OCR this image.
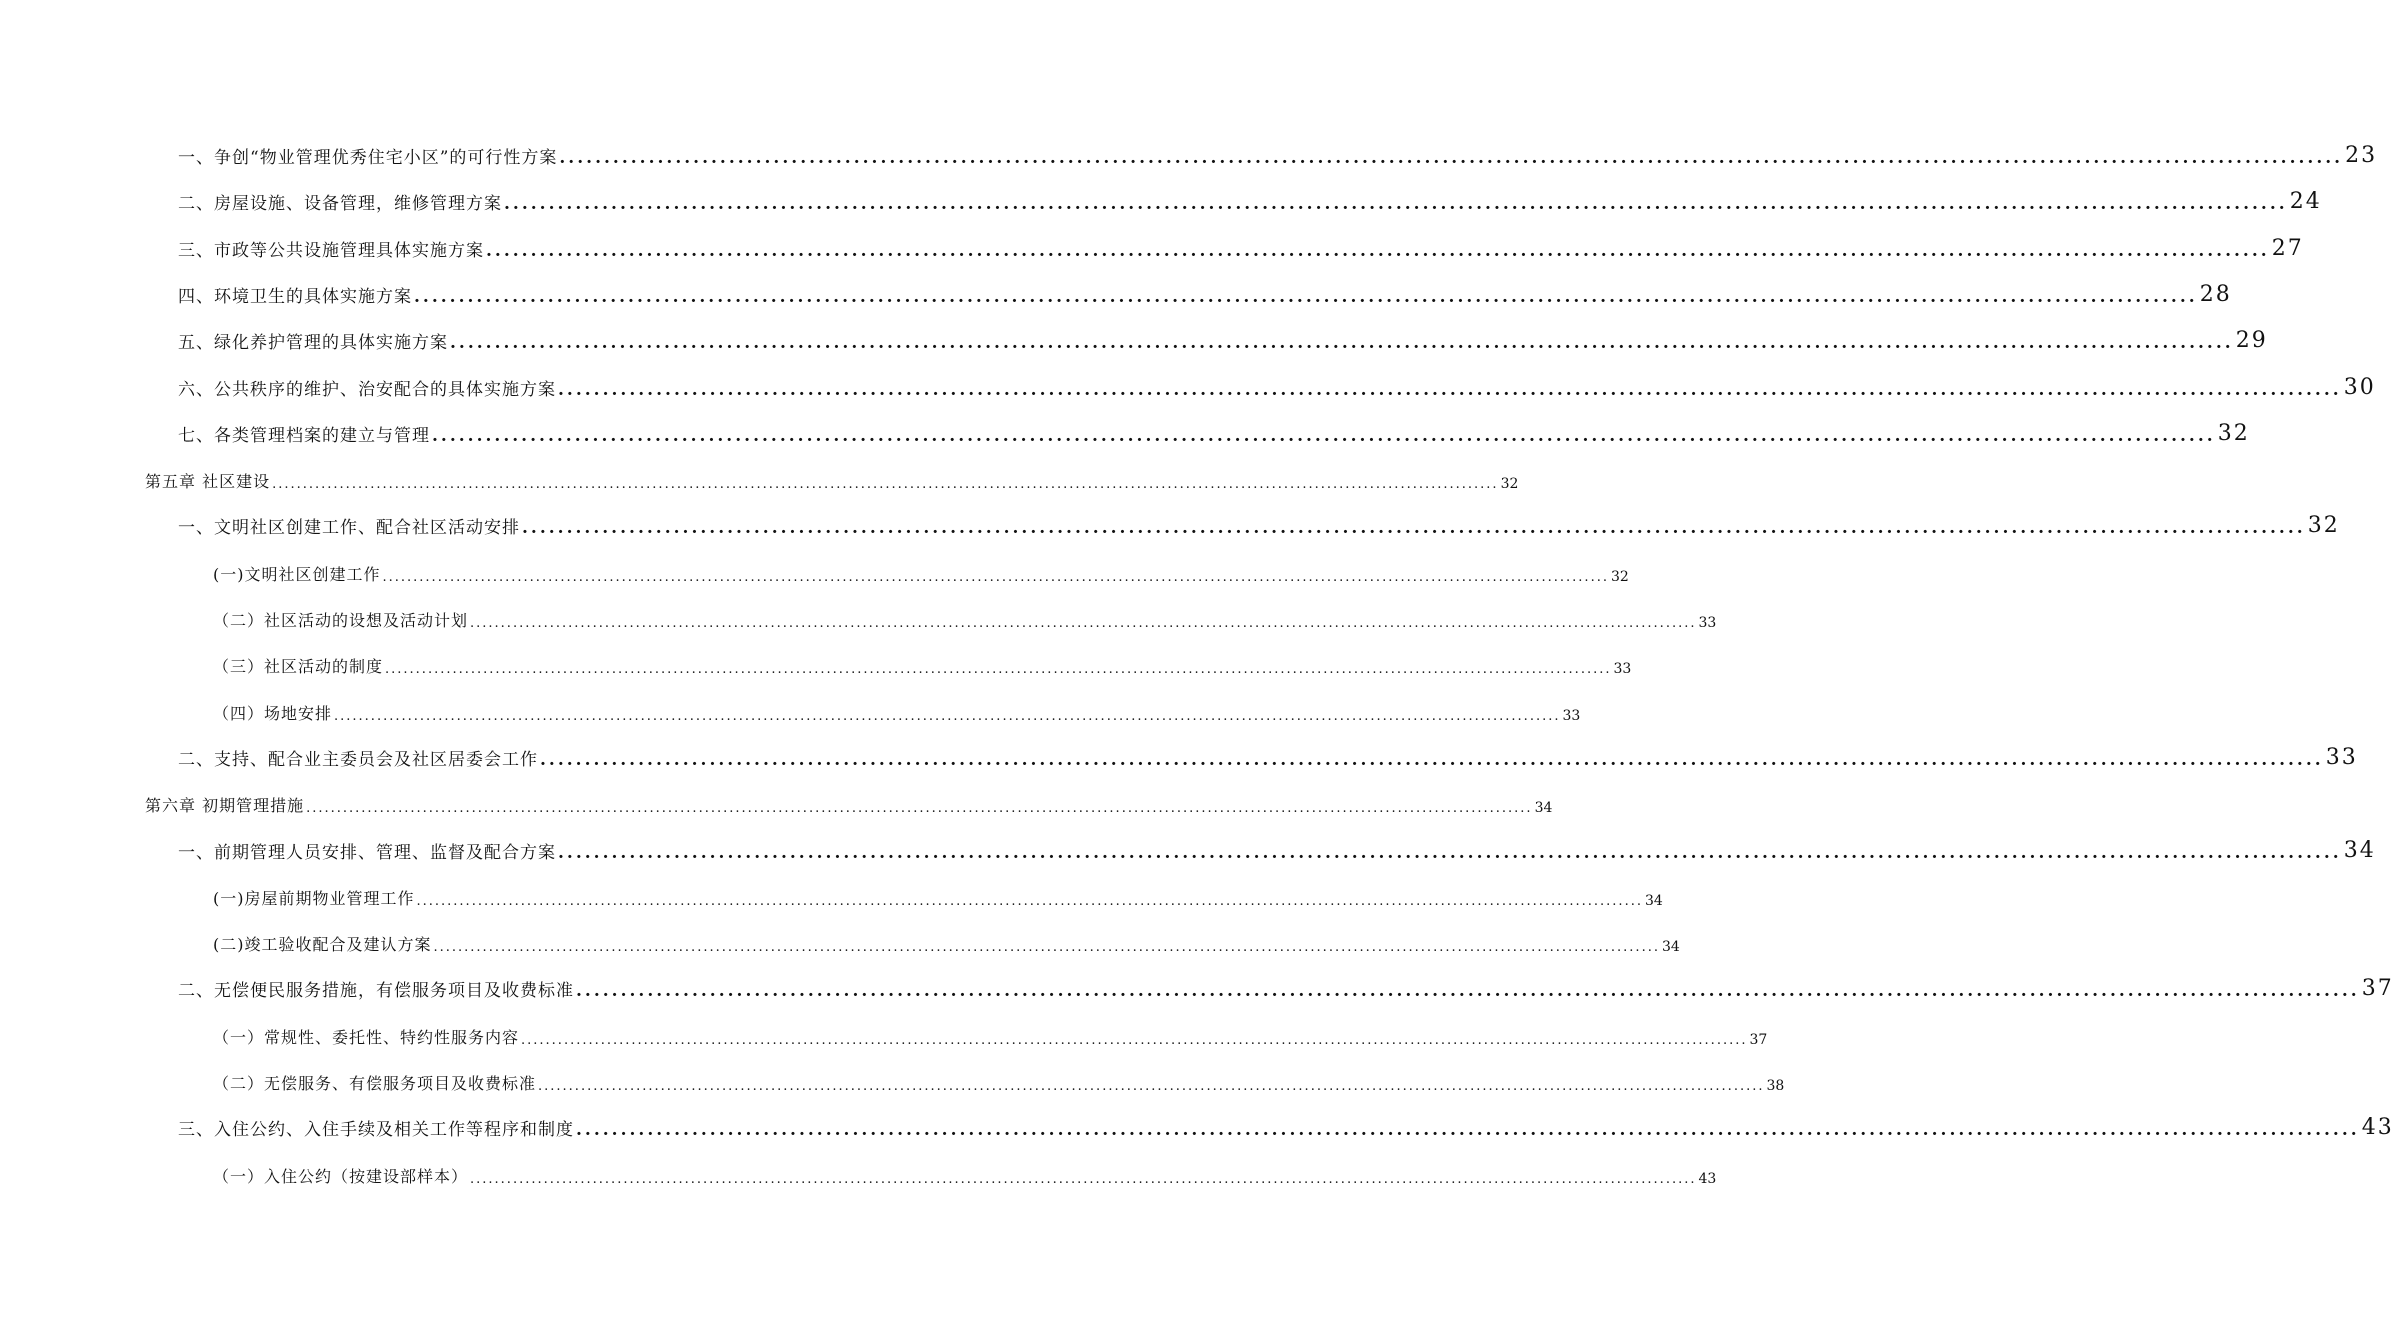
一、争创“物业管理优秀住宅小区”的可行性方案 ........................................................................................................................................................................................................ 23
二、房屋设施、设备管理，维修管理方案 ........................................................................................................................................................................................................ 24
三、市政等公共设施管理具体实施方案 ........................................................................................................................................................................................................ 27
四、环境卫生的具体实施方案 ........................................................................................................................................................................................................ 28
五、绿化养护管理的具体实施方案 ........................................................................................................................................................................................................ 29
六、公共秩序的维护、治安配合的具体实施方案 ........................................................................................................................................................................................................ 30
七、各类管理档案的建立与管理 ........................................................................................................................................................................................................ 32
第五章 社区建设 ........................................................................................................................................................................................................ 32
一、文明社区创建工作、配合社区活动安排 ........................................................................................................................................................................................................ 32
(一)文明社区创建工作 ........................................................................................................................................................................................................ 32
（二）社区活动的设想及活动计划 ........................................................................................................................................................................................................ 33
（三）社区活动的制度 ........................................................................................................................................................................................................ 33
（四）场地安排 ........................................................................................................................................................................................................ 33
二、支持、配合业主委员会及社区居委会工作 ........................................................................................................................................................................................................ 33
第六章 初期管理措施 ........................................................................................................................................................................................................ 34
一、前期管理人员安排、管理、监督及配合方案 ........................................................................................................................................................................................................ 34
(一)房屋前期物业管理工作 ........................................................................................................................................................................................................ 34
(二)竣工验收配合及建认方案 ........................................................................................................................................................................................................ 34
二、无偿便民服务措施，有偿服务项目及收费标准 ........................................................................................................................................................................................................ 37
（一）常规性、委托性、特约性服务内容 ........................................................................................................................................................................................................ 37
（二）无偿服务、有偿服务项目及收费标准 ........................................................................................................................................................................................................ 38
三、入住公约、入住手续及相关工作等程序和制度 ........................................................................................................................................................................................................ 43
（一）入住公约（按建设部样本） ........................................................................................................................................................................................................ 43
